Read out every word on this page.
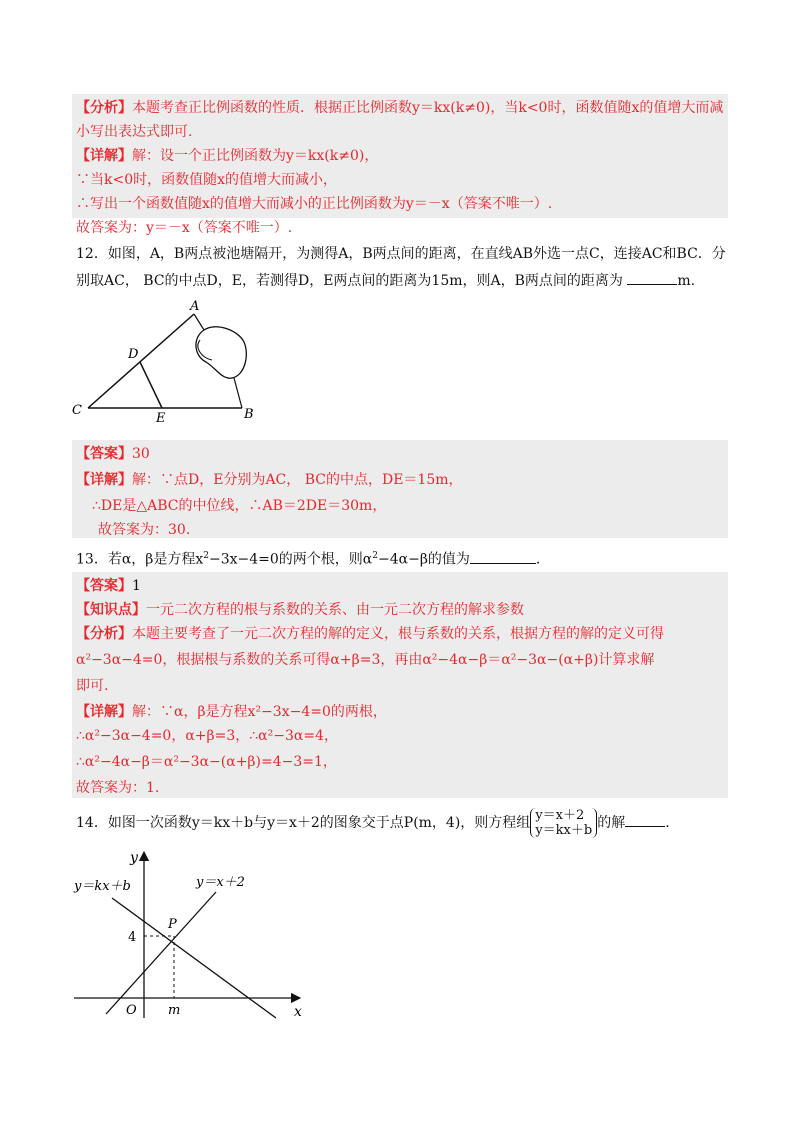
【分析】本题考查正比例函数的性质．根据正比例函数y＝kx(k≠0)，当k<0时，函数值随x的值增大而减
小写出表达式即可.
【详解】解：设一个正比例函数为y＝kx(k≠0)，
∵当k<0时，函数值随x的值增大而减小，
∴写出一个函数值随x的值增大而减小的正比例函数为y＝－x（答案不唯一）.
故答案为：y＝－x（答案不唯一）.
12．如图，A，B两点被池塘隔开，为测得A，B两点间的距离，在直线AB外选一点C，连接AC和BC．分
别取AC， BC的中点D，E，若测得D，E两点间的距离为15m，则A，B两点间的距离为	m.
A
D
C
E	B
【答案】30
【详解】解：∵点D，E分别为AC， BC的中点，DE＝15m，
∴DE是△ABC的中位线，∴AB＝2DE＝30m，
故答案为：30.
13．若α，β是方程$x^2-3x-4=0$的两个根，则$\alpha^2-4\alpha-\beta$的值为	.
【答案】1
【知识点】一元二次方程的根与系数的关系、由一元二次方程的解求参数
【分析】本题主要考查了一元二次方程的解的定义，根与系数的关系，根据方程的解的定义可得
α²−3α−4=0，根据根与系数的关系可得α+β=3，再由α²−4α−β＝α²−3α−(α+β)计算求解
即可.
【详解】解：∵α，β是方程x²−3x−4=0的两根，
∴α²−3α−4=0，α+β=3，∴α²−3α=4，
∴α²−4α−β＝α²−3α−(α+β)=4−3=1，
故答案为：1.
14．如图一次函数y＝kx＋b与y＝x＋2的图象交于点P(m，4)，则方程组 y＝x＋2
y＝kx＋b 的解	.
y
x
O
y＝kx＋b	y＝x＋2
P
4
m
